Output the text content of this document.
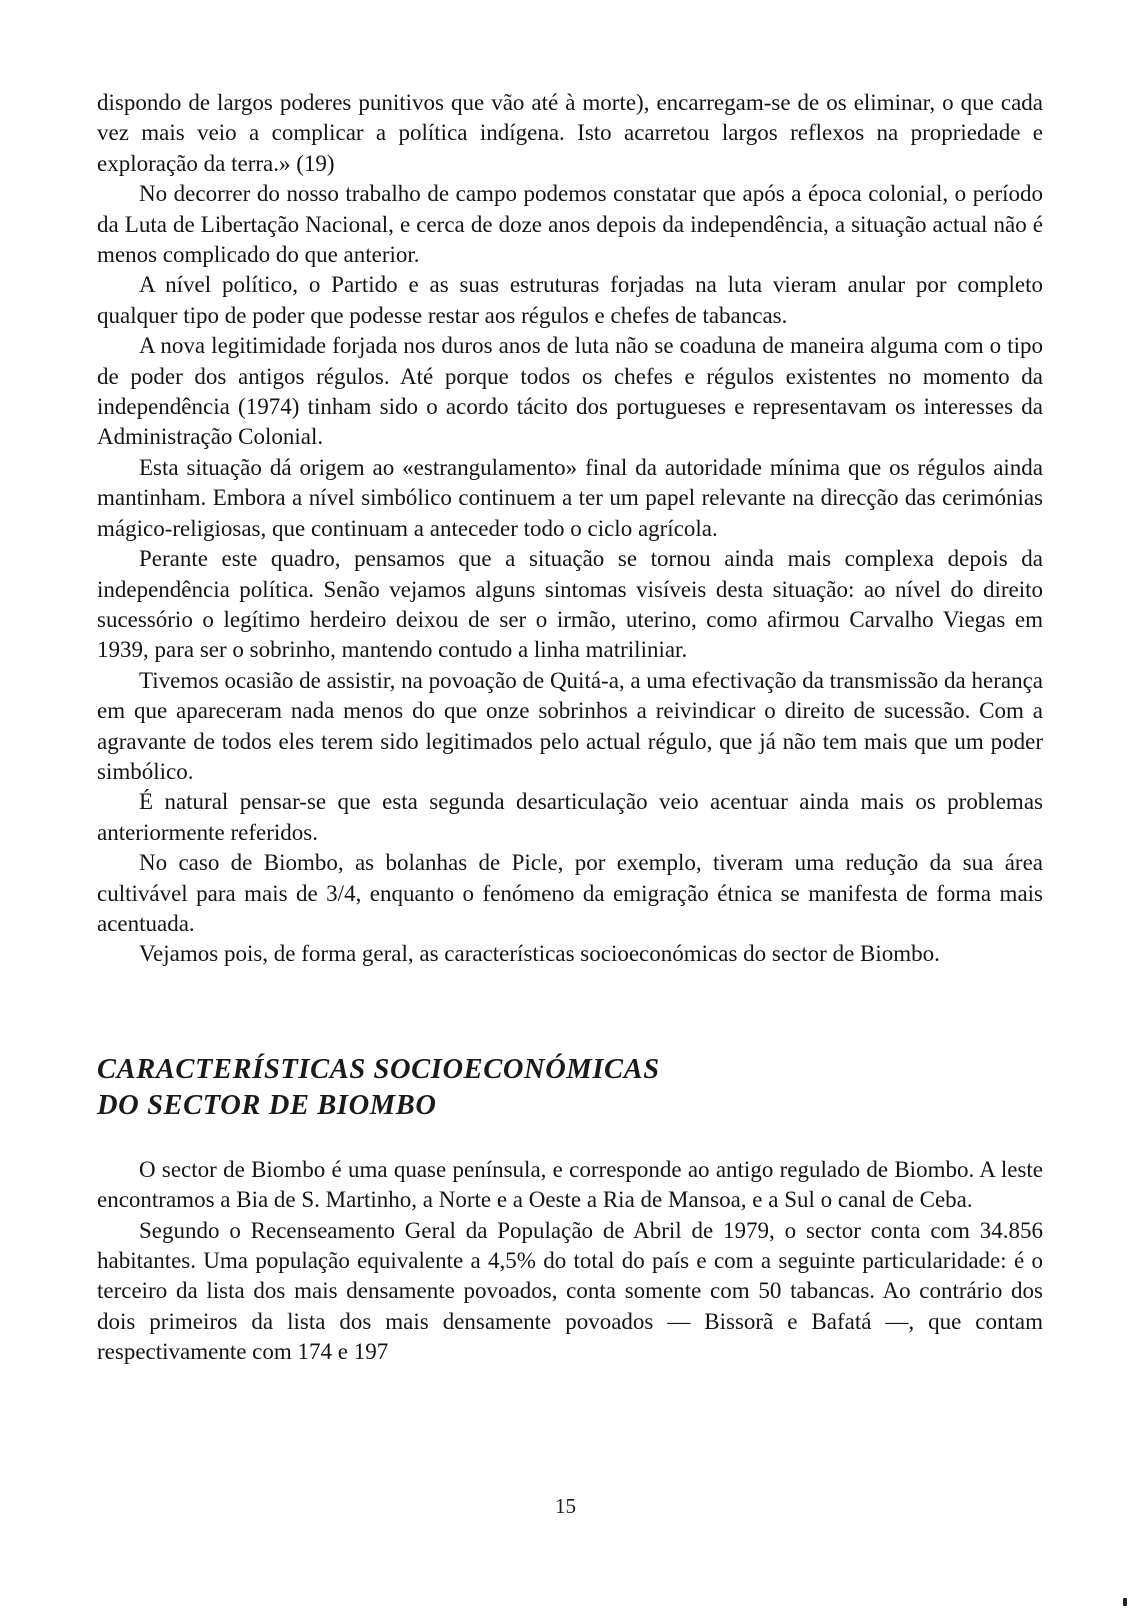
dispondo de largos poderes punitivos que vão até à morte), encarregam-se de os eliminar, o que cada vez mais veio a complicar a política indígena. Isto acarretou largos reflexos na propriedade e exploração da terra.» (19)

No decorrer do nosso trabalho de campo podemos constatar que após a época colonial, o período da Luta de Libertação Nacional, e cerca de doze anos depois da independência, a situação actual não é menos complicado do que anterior.

A nível político, o Partido e as suas estruturas forjadas na luta vieram anular por completo qualquer tipo de poder que podesse restar aos régulos e chefes de tabancas.

A nova legitimidade forjada nos duros anos de luta não se coaduna de maneira alguma com o tipo de poder dos antigos régulos. Até porque todos os chefes e régulos existentes no momento da independência (1974) tinham sido o acordo tácito dos portugueses e representavam os interesses da Administração Colonial.

Esta situação dá origem ao «estrangulamento» final da autoridade mínima que os régulos ainda mantinham. Embora a nível simbólico continuem a ter um papel relevante na direcção das cerimónias mágico-religiosas, que continuam a anteceder todo o ciclo agrícola.

Perante este quadro, pensamos que a situação se tornou ainda mais complexa depois da independência política. Senão vejamos alguns sintomas visíveis desta situação: ao nível do direito sucessório o legítimo herdeiro deixou de ser o irmão, uterino, como afirmou Carvalho Viegas em 1939, para ser o sobrinho, mantendo contudo a linha matriliniar.

Tivemos ocasião de assistir, na povoação de Quitá-a, a uma efectivação da transmissão da herança em que apareceram nada menos do que onze sobrinhos a reivindicar o direito de sucessão. Com a agravante de todos eles terem sido legitimados pelo actual régulo, que já não tem mais que um poder simbólico.

É natural pensar-se que esta segunda desarticulação veio acentuar ainda mais os problemas anteriormente referidos.

No caso de Biombo, as bolanhas de Picle, por exemplo, tiveram uma redução da sua área cultivável para mais de 3/4, enquanto o fenómeno da emigração étnica se manifesta de forma mais acentuada.

Vejamos pois, de forma geral, as características socioeconómicas do sector de Biombo.

CARACTERÍSTICAS SOCIOECONÓMICAS
DO SECTOR DE BIOMBO

O sector de Biombo é uma quase península, e corresponde ao antigo regulado de Biombo. A leste encontramos a Bia de S. Martinho, a Norte e a Oeste a Ria de Mansoa, e a Sul o canal de Ceba.

Segundo o Recenseamento Geral da População de Abril de 1979, o sector conta com 34.856 habitantes. Uma população equivalente a 4,5% do total do país e com a seguinte particularidade: é o terceiro da lista dos mais densamente povoados, conta somente com 50 tabancas. Ao contrário dos dois primeiros da lista dos mais densamente povoados — Bissorã e Bafatá —, que contam respectivamente com 174 e 197

15
